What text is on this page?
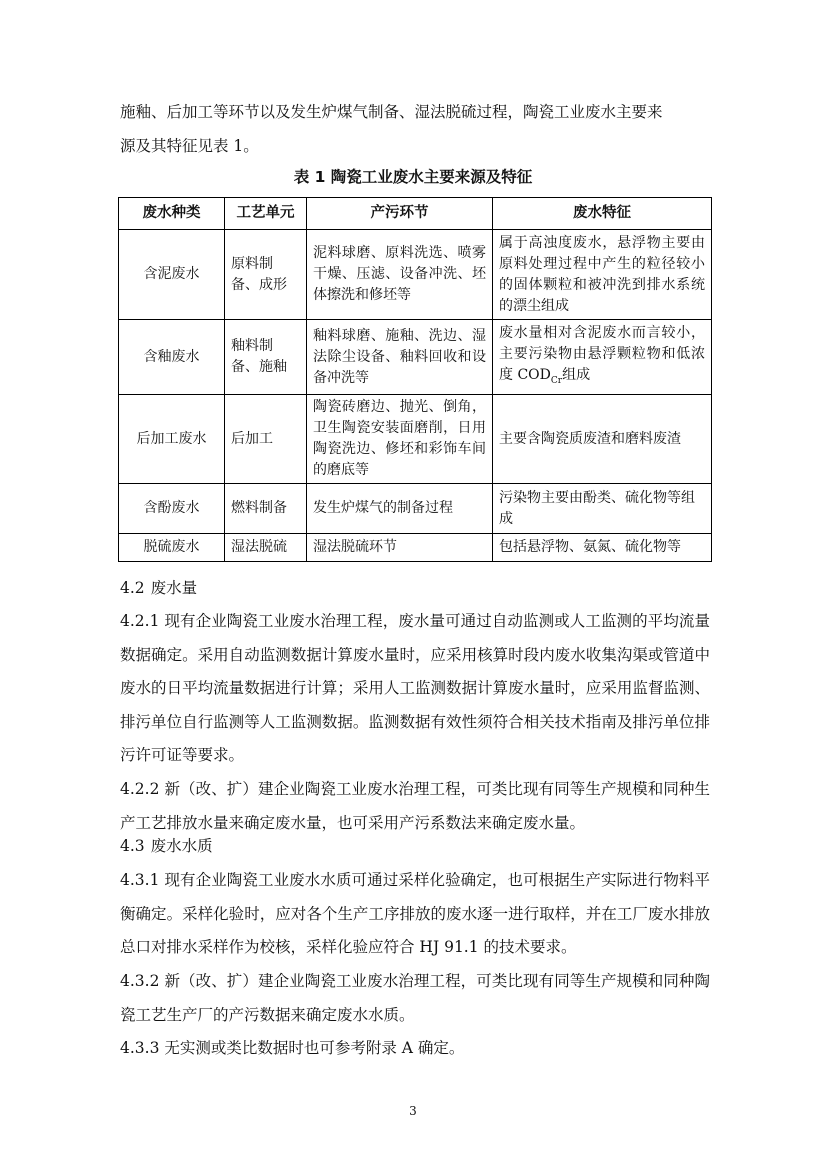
施釉、后加工等环节以及发生炉煤气制备、湿法脱硫过程，陶瓷工业废水主要来
源及其特征见表 1。

表 1 陶瓷工业废水主要来源及特征
废水种类	工艺单元	产污环节	废水特征
含泥废水	原料制备、成形	泥料球磨、原料洗选、喷雾干燥、压滤、设备冲洗、坯体擦洗和修坯等	属于高浊度废水，悬浮物主要由原料处理过程中产生的粒径较小的固体颗粒和被冲洗到排水系统的漂尘组成
含釉废水	釉料制备、施釉	釉料球磨、施釉、洗边、湿法除尘设备、釉料回收和设备冲洗等	废水量相对含泥废水而言较小，主要污染物由悬浮颗粒物和低浓度 $COD_{Cr}$组成
后加工废水	后加工	陶瓷砖磨边、抛光、倒角，卫生陶瓷安装面磨削，日用陶瓷洗边、修坯和彩饰车间的磨底等	主要含陶瓷质废渣和磨料废渣
含酚废水	燃料制备	发生炉煤气的制备过程	污染物主要由酚类、硫化物等组成
脱硫废水	湿法脱硫	湿法脱硫环节	包括悬浮物、氨氮、硫化物等
4.2 废水量

4.2.1 现有企业陶瓷工业废水治理工程，废水量可通过自动监测或人工监测的平均流量数据确定。采用自动监测数据计算废水量时，应采用核算时段内废水收集沟渠或管道中废水的日平均流量数据进行计算；采用人工监测数据计算废水量时，应采用监督监测、排污单位自行监测等人工监测数据。监测数据有效性须符合相关技术指南及排污单位排污许可证等要求。

4.2.2 新（改、扩）建企业陶瓷工业废水治理工程，可类比现有同等生产规模和同种生产工艺排放水量来确定废水量，也可采用产污系数法来确定废水量。

4.3 废水水质

4.3.1 现有企业陶瓷工业废水水质可通过采样化验确定，也可根据生产实际进行物料平衡确定。采样化验时，应对各个生产工序排放的废水逐一进行取样，并在工厂废水排放总口对排水采样作为校核，采样化验应符合 HJ 91.1 的技术要求。

4.3.2 新（改、扩）建企业陶瓷工业废水治理工程，可类比现有同等生产规模和同种陶瓷工艺生产厂的产污数据来确定废水水质。

4.3.3 无实测或类比数据时也可参考附录 A 确定。

3
